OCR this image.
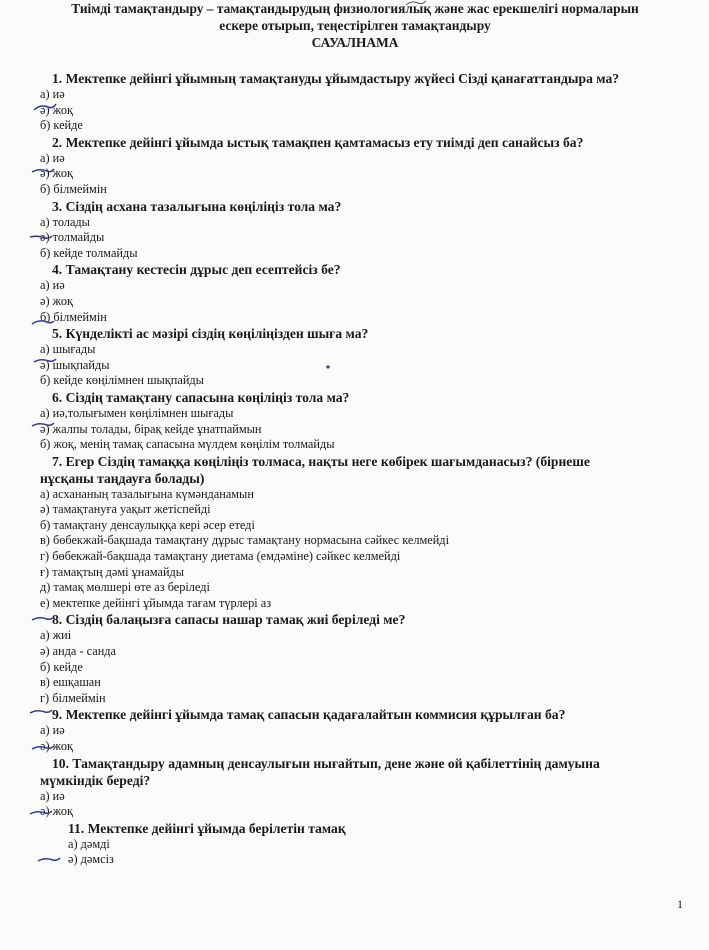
Тиімді тамақтандыру – тамақтандырудың физиологиялық және жас ерекшелігі нормаларын
ескере отырып, теңестірілген тамақтандыру
САУАЛНАМА

1. Мектепке дейінгі ұйымның тамақтануды ұйымдастыру жүйесі Сізді қанағаттандыра ма?

а) иә

ә) жоқ

б) кейде

2. Мектепке дейінгі ұйымда ыстық тамақпен қамтамасыз ету тиімді деп санайсыз ба?

а) иә

ә) жоқ

б) білмеймін

3. Сіздің асхана тазалығына көңіліңіз тола ма?

а) толады

ә) толмайды

б) кейде толмайды

4. Тамақтану кестесін дұрыс деп есептейсіз бе?

а) иә

ә) жоқ

б) білмеймін

5. Күнделікті ас мәзірі сіздің көңіліңізден шыға ма?

а) шығады

ә) шықпайды

б) кейде көңілімнен шықпайды

6. Сіздің тамақтану сапасына көңіліңіз тола ма?

а) иә,толығымен көңілімнен шығады

ә) жалпы толады, бірақ кейде ұнатпаймын

б) жоқ, менің тамақ сапасына мүлдем көңілім толмайды

7. Егер Сіздің тамаққа көңіліңіз толмаса, нақты неге көбірек шағымданасыз? (бірнеше

нұсқаны таңдауға болады)

а) асхананың тазалығына күмәнданамын

ә) тамақтануға уақыт жетіспейді

б) тамақтану денсаулыққа кері әсер етеді

в) бөбекжай-бақшада тамақтану дұрыс тамақтану нормасына сәйкес келмейді

г) бөбекжай-бақшада тамақтану диетама (емдәміне) сәйкес келмейді

ғ) тамақтың дәмі ұнамайды

д) тамақ мөлшері өте аз беріледі

е) мектепке дейінгі ұйымда тағам түрлері аз

8. Сіздің балаңызға сапасы нашар тамақ жиі беріледі ме?

а) жиі

ә) анда - санда

б) кейде

в) ешқашан

г) білмеймін

9. Мектепке дейінгі ұйымда тамақ сапасын қадағалайтын коммисия құрылған ба?

а) иә

ә) жоқ

10. Тамақтандыру адамның денсаулығын нығайтып, дене және ой қабілеттінің дамуына

мүмкіндік береді?

а) иә

ә) жоқ

11. Мектепке дейінгі ұйымда берілетін тамақ

а) дәмді

ә) дәмсіз

1
